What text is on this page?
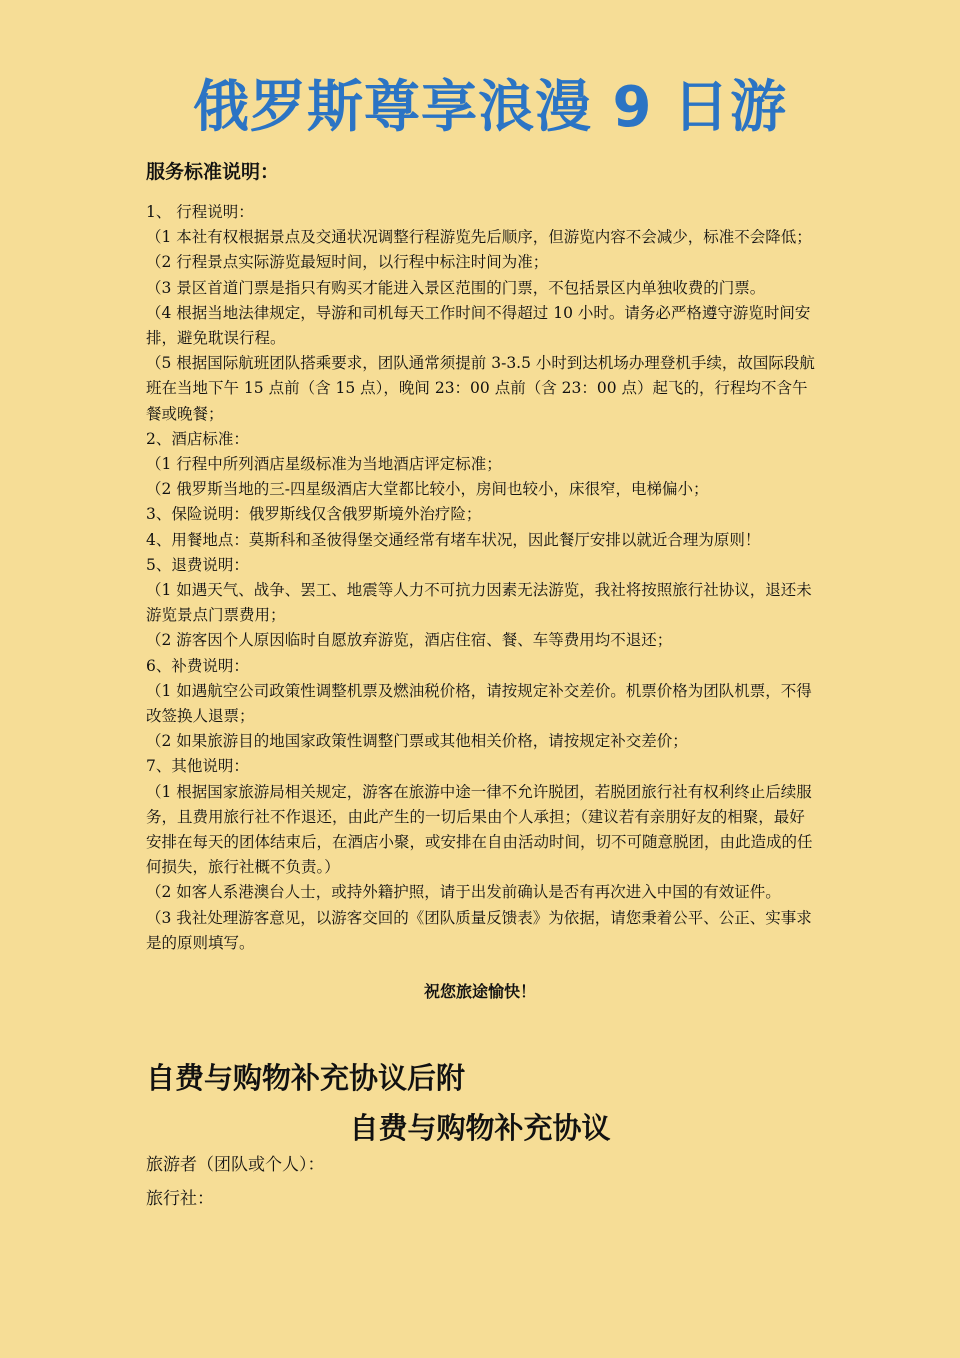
俄罗斯尊享浪漫 9 日游
服务标准说明：

1、 行程说明：

（1 本社有权根据景点及交通状况调整行程游览先后顺序，但游览内容不会减少，标准不会降低；

（2 行程景点实际游览最短时间，以行程中标注时间为准；

（3 景区首道门票是指只有购买才能进入景区范围的门票，不包括景区内单独收费的门票。

（4 根据当地法律规定，导游和司机每天工作时间不得超过 10 小时。请务必严格遵守游览时间安排，避免耽误行程。

（5 根据国际航班团队搭乘要求，团队通常须提前 3-3.5 小时到达机场办理登机手续，故国际段航班在当地下午 15 点前（含 15 点），晚间 23：00 点前（含 23：00 点）起飞的，行程均不含午餐或晚餐；

2、酒店标准：

（1 行程中所列酒店星级标准为当地酒店评定标准；

（2 俄罗斯当地的三-四星级酒店大堂都比较小，房间也较小，床很窄，电梯偏小；

3、保险说明：俄罗斯线仅含俄罗斯境外治疗险；

4、用餐地点：莫斯科和圣彼得堡交通经常有堵车状况，因此餐厅安排以就近合理为原则！

5、退费说明：

（1 如遇天气、战争、罢工、地震等人力不可抗力因素无法游览，我社将按照旅行社协议，退还未游览景点门票费用；

（2 游客因个人原因临时自愿放弃游览，酒店住宿、餐、车等费用均不退还；

6、补费说明：

（1 如遇航空公司政策性调整机票及燃油税价格，请按规定补交差价。机票价格为团队机票，不得改签换人退票；

（2 如果旅游目的地国家政策性调整门票或其他相关价格，请按规定补交差价；

7、其他说明：

（1 根据国家旅游局相关规定，游客在旅游中途一律不允许脱团，若脱团旅行社有权利终止后续服务，且费用旅行社不作退还，由此产生的一切后果由个人承担；（建议若有亲朋好友的相聚，最好安排在每天的团体结束后，在酒店小聚，或安排在自由活动时间，切不可随意脱团，由此造成的任何损失，旅行社概不负责。）

（2 如客人系港澳台人士，或持外籍护照，请于出发前确认是否有再次进入中国的有效证件。

（3 我社处理游客意见，以游客交回的《团队质量反馈表》为依据，请您秉着公平、公正、实事求是的原则填写。

祝您旅途愉快！

自费与购物补充协议后附
自费与购物补充协议

旅游者（团队或个人）：

旅行社：
